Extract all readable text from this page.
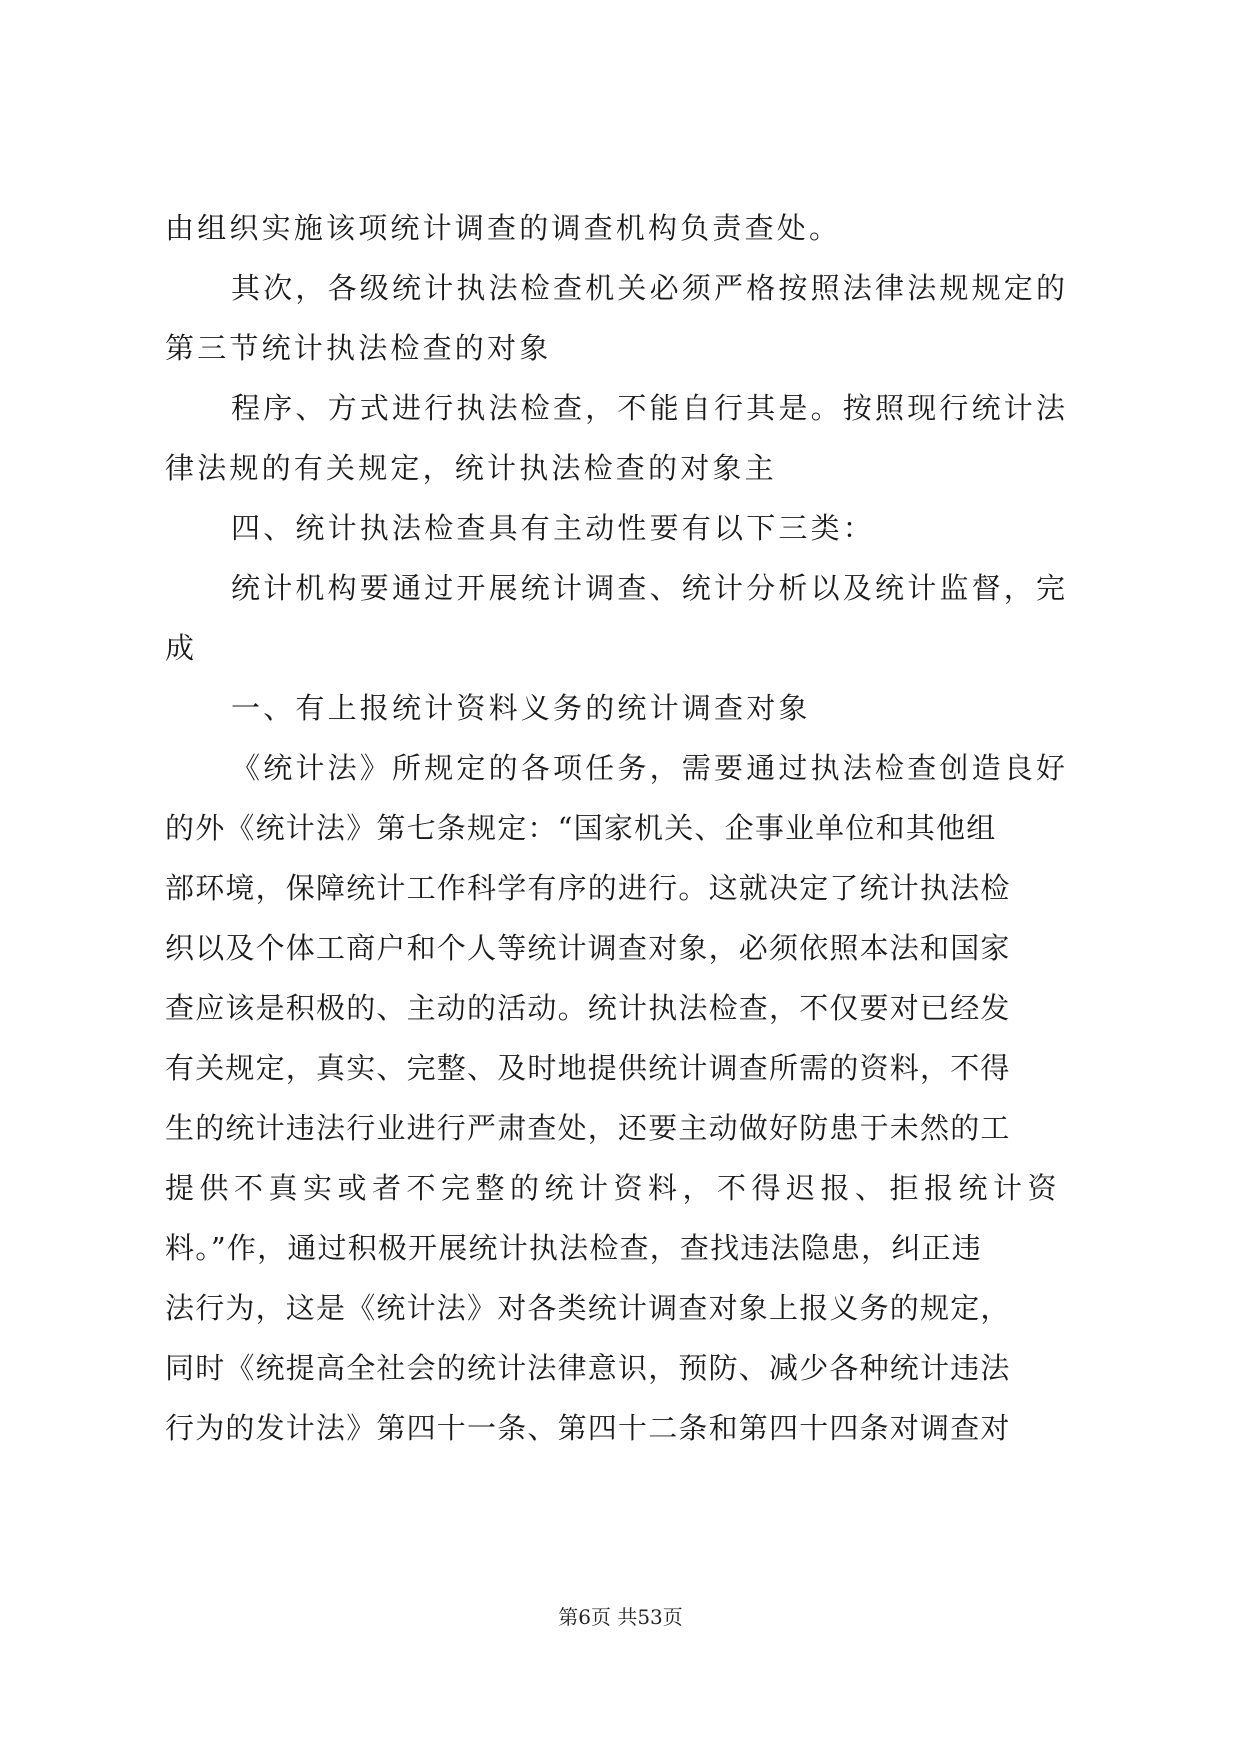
由组织实施该项统计调查的调查机构负责查处。
其次，各级统计执法检查机关必须严格按照法律法规规定的
第三节统计执法检查的对象
程序、方式进行执法检查，不能自行其是。按照现行统计法
律法规的有关规定，统计执法检查的对象主
四、统计执法检查具有主动性要有以下三类：
统计机构要通过开展统计调查、统计分析以及统计监督，完
成
一、有上报统计资料义务的统计调查对象
《统计法》所规定的各项任务，需要通过执法检查创造良好
的外《统计法》第七条规定：“国家机关、企事业单位和其他组
部环境，保障统计工作科学有序的进行。这就决定了统计执法检
织以及个体工商户和个人等统计调查对象，必须依照本法和国家
查应该是积极的、主动的活动。统计执法检查，不仅要对已经发
有关规定，真实、完整、及时地提供统计调查所需的资料，不得
生的统计违法行业进行严肃查处，还要主动做好防患于未然的工
提供不真实或者不完整的统计资料，不得迟报、拒报统计资
料。”作，通过积极开展统计执法检查，查找违法隐患，纠正违
法行为，这是《统计法》对各类统计调查对象上报义务的规定，
同时《统提高全社会的统计法律意识，预防、减少各种统计违法
行为的发计法》第四十一条、第四十二条和第四十四条对调查对
第6页 共53页
